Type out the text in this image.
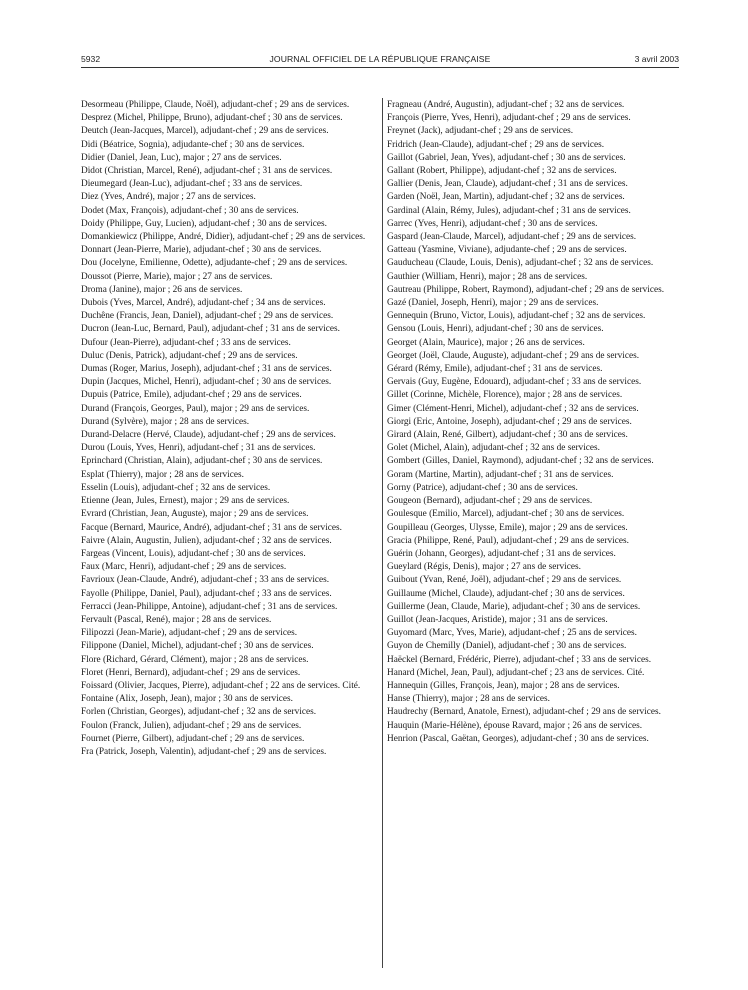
5932	JOURNAL OFFICIEL DE LA RÉPUBLIQUE FRANÇAISE	3 avril 2003

Desormeau (Philippe, Claude, Noël), adjudant-chef ; 29 ans de services.

Desprez (Michel, Philippe, Bruno), adjudant-chef ; 30 ans de services.

Deutch (Jean-Jacques, Marcel), adjudant-chef ; 29 ans de services.

Didi (Béatrice, Sognia), adjudante-chef ; 30 ans de services.

Didier (Daniel, Jean, Luc), major ; 27 ans de services.

Didot (Christian, Marcel, René), adjudant-chef ; 31 ans de services.

Dieumegard (Jean-Luc), adjudant-chef ; 33 ans de services.

Diez (Yves, André), major ; 27 ans de services.

Dodet (Max, François), adjudant-chef ; 30 ans de services.

Doidy (Philippe, Guy, Lucien), adjudant-chef ; 30 ans de services.

Domankiewicz (Philippe, André, Didier), adjudant-chef ; 29 ans de services.

Donnart (Jean-Pierre, Marie), adjudant-chef ; 30 ans de services.

Dou (Jocelyne, Emilienne, Odette), adjudante-chef ; 29 ans de services.

Doussot (Pierre, Marie), major ; 27 ans de services.

Droma (Janine), major ; 26 ans de services.

Dubois (Yves, Marcel, André), adjudant-chef ; 34 ans de services.

Duchêne (Francis, Jean, Daniel), adjudant-chef ; 29 ans de services.

Ducron (Jean-Luc, Bernard, Paul), adjudant-chef ; 31 ans de services.

Dufour (Jean-Pierre), adjudant-chef ; 33 ans de services.

Duluc (Denis, Patrick), adjudant-chef ; 29 ans de services.

Dumas (Roger, Marius, Joseph), adjudant-chef ; 31 ans de services.

Dupin (Jacques, Michel, Henri), adjudant-chef ; 30 ans de services.

Dupuis (Patrice, Emile), adjudant-chef ; 29 ans de services.

Durand (François, Georges, Paul), major ; 29 ans de services.

Durand (Sylvère), major ; 28 ans de services.

Durand-Delacre (Hervé, Claude), adjudant-chef ; 29 ans de services.

Durou (Louis, Yves, Henri), adjudant-chef ; 31 ans de services.

Eprinchard (Christian, Alain), adjudant-chef ; 30 ans de services.

Esplat (Thierry), major ; 28 ans de services.

Esselin (Louis), adjudant-chef ; 32 ans de services.

Etienne (Jean, Jules, Ernest), major ; 29 ans de services.

Evrard (Christian, Jean, Auguste), major ; 29 ans de services.

Facque (Bernard, Maurice, André), adjudant-chef ; 31 ans de services.

Faivre (Alain, Augustin, Julien), adjudant-chef ; 32 ans de services.

Fargeas (Vincent, Louis), adjudant-chef ; 30 ans de services.

Faux (Marc, Henri), adjudant-chef ; 29 ans de services.

Favrioux (Jean-Claude, André), adjudant-chef ; 33 ans de services.

Fayolle (Philippe, Daniel, Paul), adjudant-chef ; 33 ans de services.

Ferracci (Jean-Philippe, Antoine), adjudant-chef ; 31 ans de services.

Fervault (Pascal, René), major ; 28 ans de services.

Filipozzi (Jean-Marie), adjudant-chef ; 29 ans de services.

Filippone (Daniel, Michel), adjudant-chef ; 30 ans de services.

Flore (Richard, Gérard, Clément), major ; 28 ans de services.

Floret (Henri, Bernard), adjudant-chef ; 29 ans de services.

Foissard (Olivier, Jacques, Pierre), adjudant-chef ; 22 ans de services. Cité.

Fontaine (Alix, Joseph, Jean), major ; 30 ans de services.

Forlen (Christian, Georges), adjudant-chef ; 32 ans de services.

Foulon (Franck, Julien), adjudant-chef ; 29 ans de services.

Fournet (Pierre, Gilbert), adjudant-chef ; 29 ans de services.

Fra (Patrick, Joseph, Valentin), adjudant-chef ; 29 ans de services.

Fragneau (André, Augustin), adjudant-chef ; 32 ans de services.

François (Pierre, Yves, Henri), adjudant-chef ; 29 ans de services.

Freynet (Jack), adjudant-chef ; 29 ans de services.

Fridrich (Jean-Claude), adjudant-chef ; 29 ans de services.

Gaillot (Gabriel, Jean, Yves), adjudant-chef ; 30 ans de services.

Gallant (Robert, Philippe), adjudant-chef ; 32 ans de services.

Gallier (Denis, Jean, Claude), adjudant-chef ; 31 ans de services.

Garden (Noël, Jean, Martin), adjudant-chef ; 32 ans de services.

Gardinal (Alain, Rémy, Jules), adjudant-chef ; 31 ans de services.

Garrec (Yves, Henri), adjudant-chef ; 30 ans de services.

Gaspard (Jean-Claude, Marcel), adjudant-chef ; 29 ans de services.

Gatteau (Yasmine, Viviane), adjudante-chef ; 29 ans de services.

Gauducheau (Claude, Louis, Denis), adjudant-chef ; 32 ans de services.

Gauthier (William, Henri), major ; 28 ans de services.

Gautreau (Philippe, Robert, Raymond), adjudant-chef ; 29 ans de services.

Gazé (Daniel, Joseph, Henri), major ; 29 ans de services.

Gennequin (Bruno, Victor, Louis), adjudant-chef ; 32 ans de services.

Gensou (Louis, Henri), adjudant-chef ; 30 ans de services.

Georget (Alain, Maurice), major ; 26 ans de services.

Georget (Joël, Claude, Auguste), adjudant-chef ; 29 ans de services.

Gérard (Rémy, Emile), adjudant-chef ; 31 ans de services.

Gervais (Guy, Eugène, Edouard), adjudant-chef ; 33 ans de services.

Gillet (Corinne, Michèle, Florence), major ; 28 ans de services.

Gimer (Clément-Henri, Michel), adjudant-chef ; 32 ans de services.

Giorgi (Eric, Antoine, Joseph), adjudant-chef ; 29 ans de services.

Girard (Alain, René, Gilbert), adjudant-chef ; 30 ans de services.

Golet (Michel, Alain), adjudant-chef ; 32 ans de services.

Gombert (Gilles, Daniel, Raymond), adjudant-chef ; 32 ans de services.

Goram (Martine, Martin), adjudant-chef ; 31 ans de services.

Gorny (Patrice), adjudant-chef ; 30 ans de services.

Gougeon (Bernard), adjudant-chef ; 29 ans de services.

Goulesque (Emilio, Marcel), adjudant-chef ; 30 ans de services.

Goupilleau (Georges, Ulysse, Emile), major ; 29 ans de services.

Gracia (Philippe, René, Paul), adjudant-chef ; 29 ans de services.

Guérin (Johann, Georges), adjudant-chef ; 31 ans de services.

Gueylard (Régis, Denis), major ; 27 ans de services.

Guibout (Yvan, René, Joël), adjudant-chef ; 29 ans de services.

Guillaume (Michel, Claude), adjudant-chef ; 30 ans de services.

Guillerme (Jean, Claude, Marie), adjudant-chef ; 30 ans de services.

Guillot (Jean-Jacques, Aristide), major ; 31 ans de services.

Guyomard (Marc, Yves, Marie), adjudant-chef ; 25 ans de services.

Guyon de Chemilly (Daniel), adjudant-chef ; 30 ans de services.

Haëckel (Bernard, Frédéric, Pierre), adjudant-chef ; 33 ans de services.

Hanard (Michel, Jean, Paul), adjudant-chef ; 23 ans de services. Cité.

Hannequin (Gilles, François, Jean), major ; 28 ans de services.

Hanse (Thierry), major ; 28 ans de services.

Haudrechy (Bernard, Anatole, Ernest), adjudant-chef ; 29 ans de services.

Hauquin (Marie-Hélène), épouse Ravard, major ; 26 ans de services.

Henrion (Pascal, Gaëtan, Georges), adjudant-chef ; 30 ans de services.
